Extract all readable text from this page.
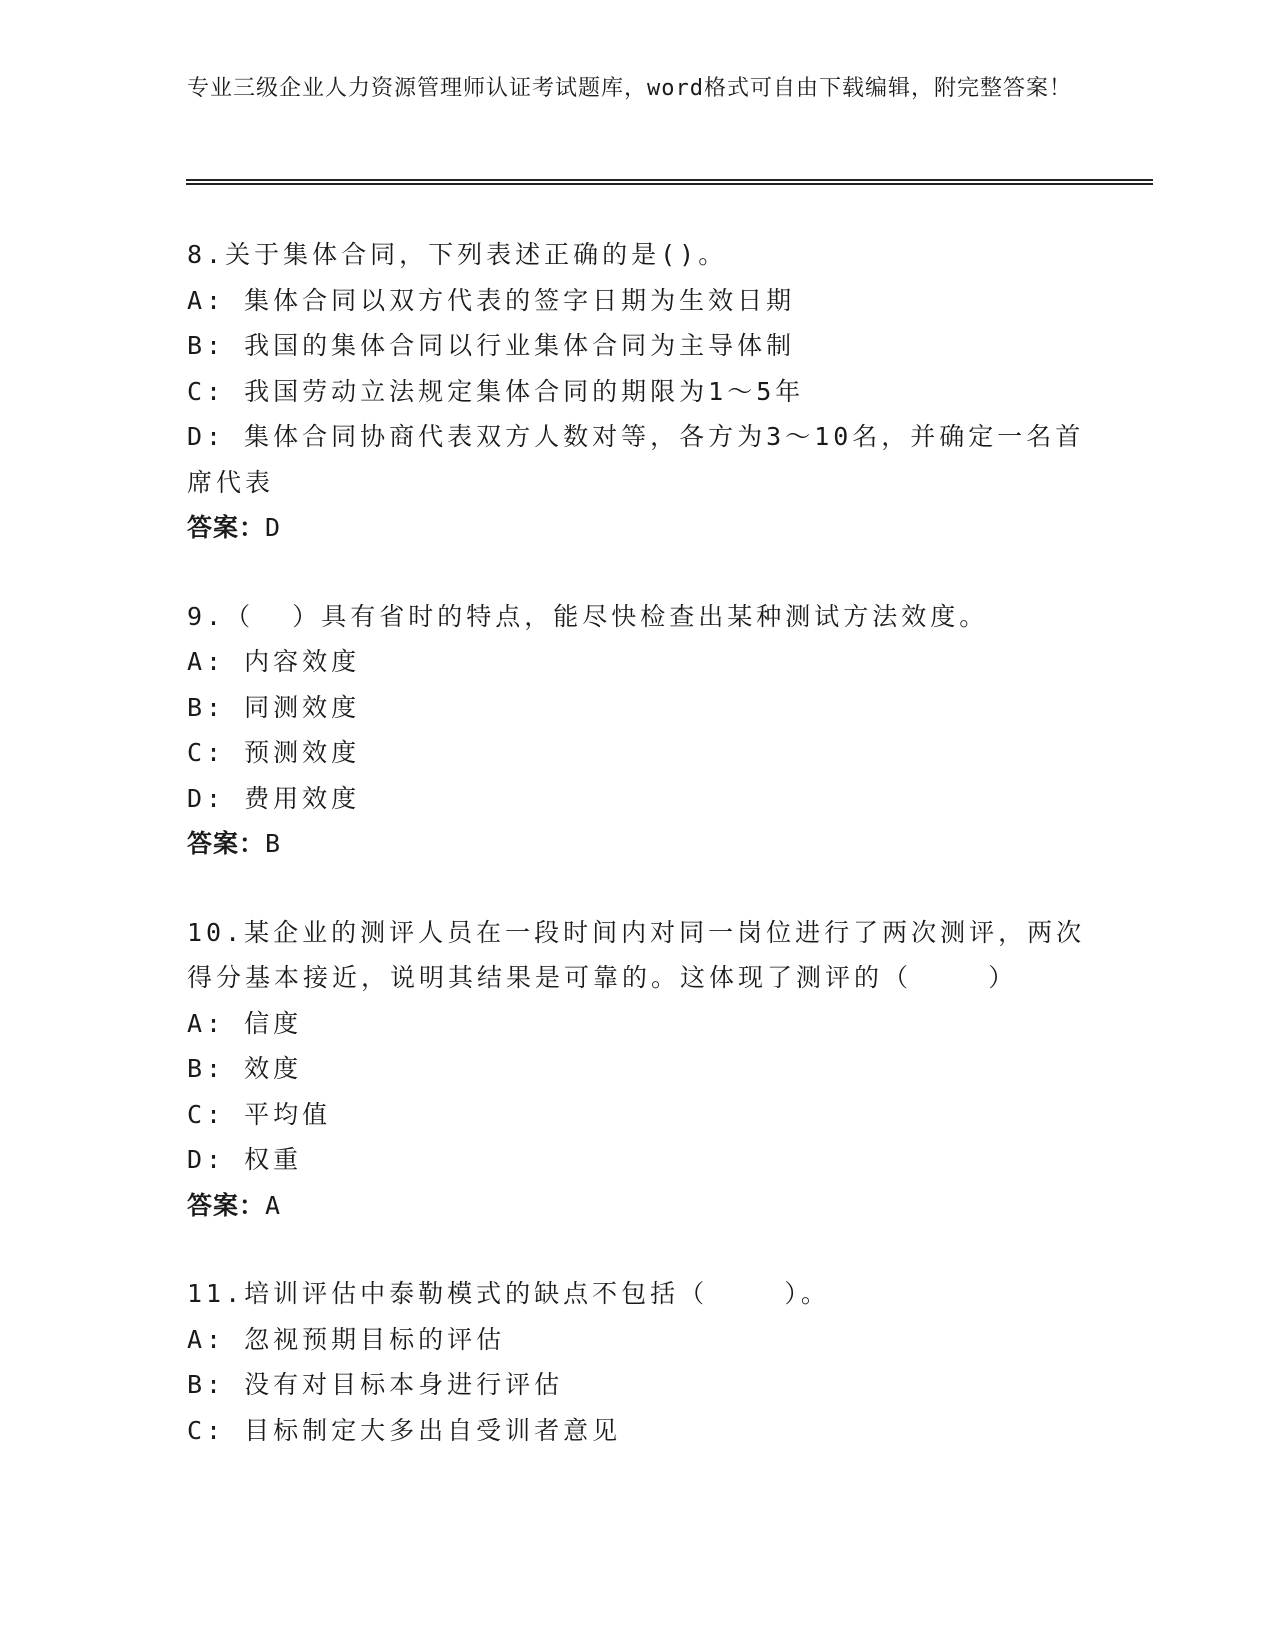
专业三级企业人力资源管理师认证考试题库，word格式可自由下载编辑，附完整答案！
8.关于集体合同，下列表述正确的是()。
A: 集体合同以双方代表的签字日期为生效日期
B: 我国的集体合同以行业集体合同为主导体制
C: 我国劳动立法规定集体合同的期限为1～5年
D: 集体合同协商代表双方人数对等，各方为3～10名，并确定一名首席代表
答案：D
9.（  ）具有省时的特点，能尽快检查出某种测试方法效度。
A: 内容效度
B: 同测效度
C: 预测效度
D: 费用效度
答案：B
10.某企业的测评人员在一段时间内对同一岗位进行了两次测评，两次得分基本接近，说明其结果是可靠的。这体现了测评的（    ）
A: 信度
B: 效度
C: 平均值
D: 权重
答案：A
11.培训评估中泰勒模式的缺点不包括（    ）。
A: 忽视预期目标的评估
B: 没有对目标本身进行评估
C: 目标制定大多出自受训者意见
